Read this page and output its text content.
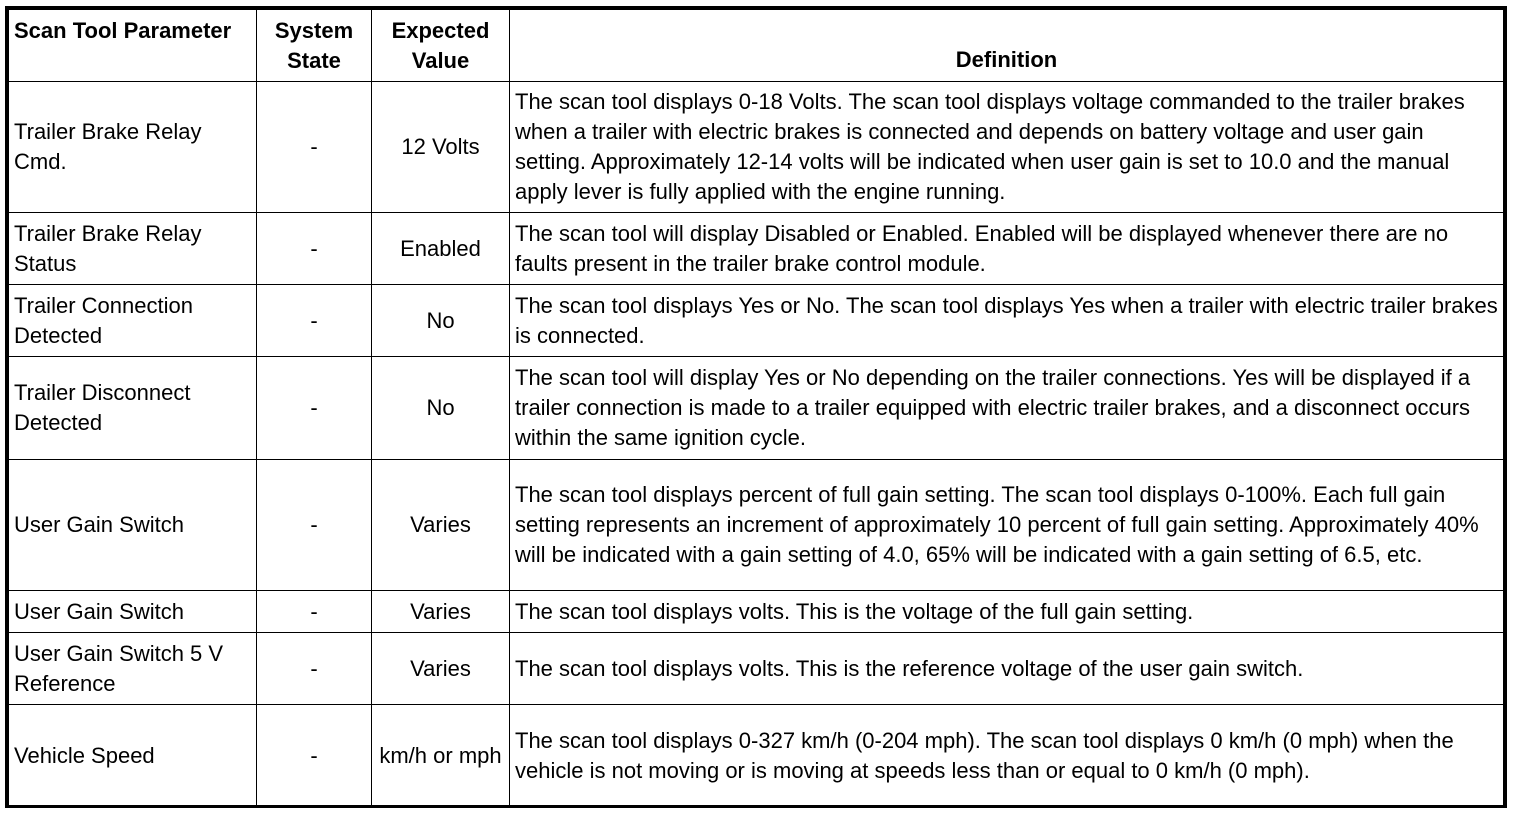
Scan Tool Parameter	System State	Expected Value	Definition
Trailer Brake Relay Cmd.	-	12 Volts	The scan tool displays 0-18 Volts. The scan tool displays voltage commanded to the trailer brakes when a trailer with electric brakes is connected and depends on battery voltage and user gain setting. Approximately 12-14 volts will be indicated when user gain is set to 10.0 and the manual apply lever is fully applied with the engine running.
Trailer Brake Relay Status	-	Enabled	The scan tool will display Disabled or Enabled. Enabled will be displayed whenever there are no faults present in the trailer brake control module.
Trailer Connection Detected	-	No	The scan tool displays Yes or No. The scan tool displays Yes when a trailer with electric trailer brakes is connected.
Trailer Disconnect Detected	-	No	The scan tool will display Yes or No depending on the trailer connections. Yes will be displayed if a trailer connection is made to a trailer equipped with electric trailer brakes, and a disconnect occurs within the same ignition cycle.
User Gain Switch	-	Varies	The scan tool displays percent of full gain setting. The scan tool displays 0-100%. Each full gain setting represents an increment of approximately 10 percent of full gain setting. Approximately 40% will be indicated with a gain setting of 4.0, 65% will be indicated with a gain setting of 6.5, etc.
User Gain Switch	-	Varies	The scan tool displays volts. This is the voltage of the full gain setting.
User Gain Switch 5 V Reference	-	Varies	The scan tool displays volts. This is the reference voltage of the user gain switch.
Vehicle Speed	-	km/h or mph	The scan tool displays 0-327 km/h (0-204 mph). The scan tool displays 0 km/h (0 mph) when the vehicle is not moving or is moving at speeds less than or equal to 0 km/h (0 mph).
